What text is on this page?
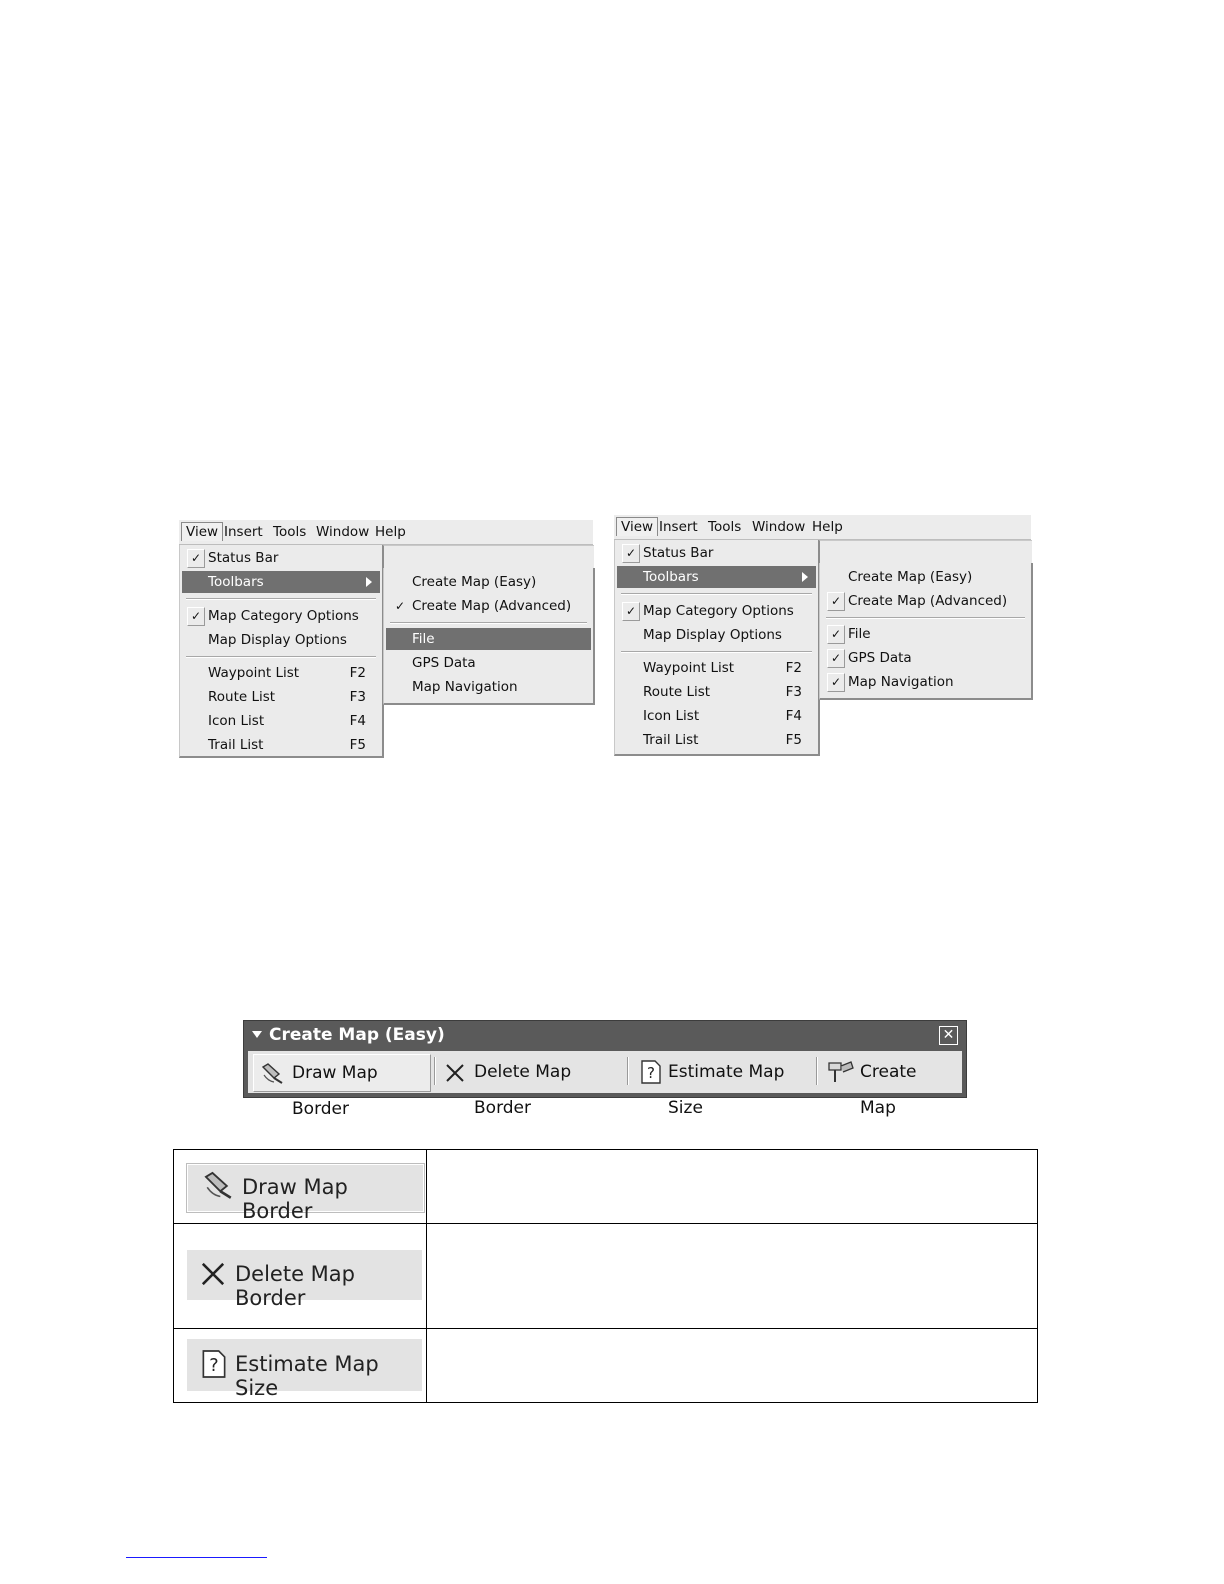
View Insert Tools Window Help
✓ Status Bar
Toolbars
✓ Map Category Options
Map Display Options
Waypoint List	F2
Route List	F3
Icon List	F4
Trail List	F5
Create Map (Easy)
✓ Create Map (Advanced)
File
GPS Data
Map Navigation
View Insert Tools Window Help
✓ Status Bar
Toolbars
✓ Map Category Options
Map Display Options
Waypoint List	F2
Route List	F3
Icon List	F4
Trail List	F5
Create Map (Easy)
✓ Create Map (Advanced)
✓ File
✓ GPS Data
✓ Map Navigation
Create Map (Easy)	✕
Draw Map Border
Delete Map Border
? Estimate Map Size
Create Map
Draw Map Border	

Delete Map Border	

? Estimate Map Size	
